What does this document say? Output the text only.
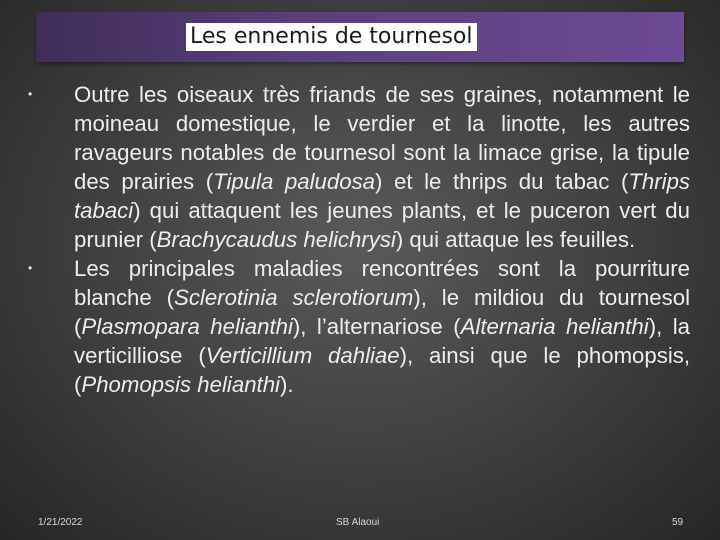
Les ennemis de tournesol
•	Outre les oiseaux très friands de ses graines, notamment le moineau domestique, le verdier et la linotte, les autres ravageurs notables de tournesol sont la limace grise, la tipule des prairies (Tipula paludosa) et le thrips du tabac (Thrips tabaci) qui attaquent les jeunes plants, et le puceron vert du prunier (Brachycaudus helichrysi) qui attaque les feuilles.
•	Les principales maladies rencontrées sont la pourriture blanche (Sclerotinia sclerotiorum), le mildiou du tournesol (Plasmopara helianthi), l’alternariose (Alternaria helianthi), la verticilliose (Verticillium dahliae), ainsi que le phomopsis, (Phomopsis helianthi).
1/21/2022	SB Alaoui	59
